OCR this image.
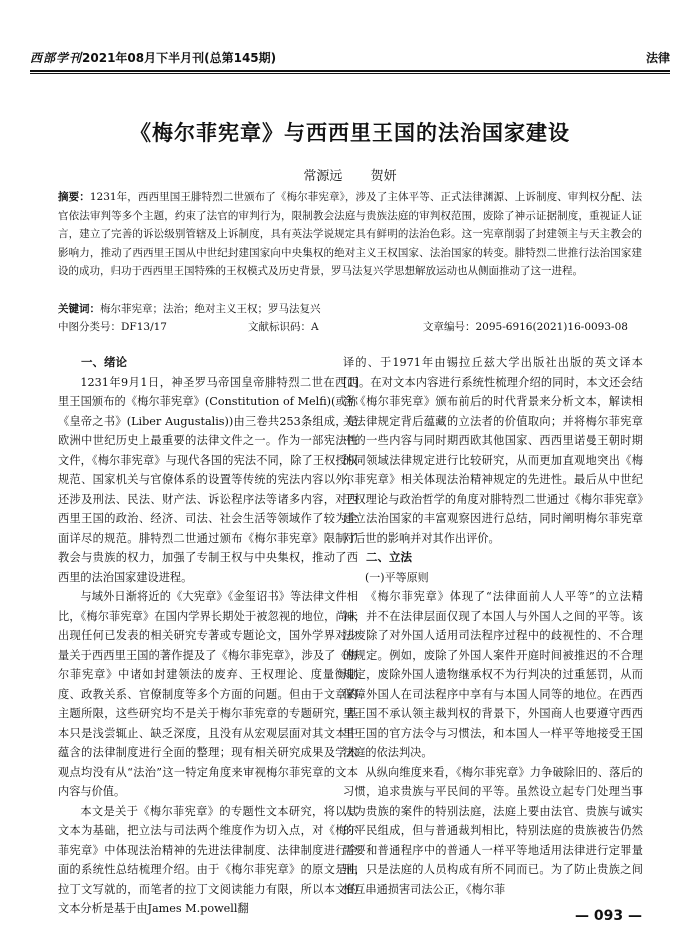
西部学刊2021年08月下半月刊(总第145期)	法律
《梅尔菲宪章》与西西里王国的法治国家建设
常源远 贺妍
摘要：1231年，西西里国王腓特烈二世颁布了《梅尔菲宪章》，涉及了主体平等、正式法律渊源、上诉制度、审判权分配、法官依法审判等多个主题，约束了法官的审判行为，限制教会法庭与贵族法庭的审判权范围，废除了神示证据制度，重视证人证言，建立了完善的诉讼级别管辖及上诉制度，具有英法学说规定具有鲜明的法治色彩。这一宪章削弱了封建领主与天主教会的影响力，推动了西西里王国从中世纪封建国家向中央集权的绝对主义王权国家、法治国家的转变。腓特烈二世推行法治国家建设的成功，归功于西西里王国特殊的王权模式及历史背景，罗马法复兴学思想解放运动也从侧面推动了这一进程。
关键词：梅尔菲宪章；法治；绝对主义王权；罗马法复兴
中图分类号：DF13/17	文献标识码：A	文章编号：2095-6916(2021)16-0093-08

一、绪论

1231年9月1日，神圣罗马帝国皇帝腓特烈二世在西西里王国颁布的《梅尔菲宪章》(Constitution of Melfi)(或称《皇帝之书》(Liber Augustalis))由三卷共253条组成，是欧洲中世纪历史上最重要的法律文件之一。作为一部宪法性文件，《梅尔菲宪章》与现代各国的宪法不同，除了王权授权规范、国家机关与官僚体系的设置等传统的宪法内容以外，还涉及刑法、民法、财产法、诉讼程序法等诸多内容，对西西里王国的政治、经济、司法、社会生活等领域作了较为全面详尽的规范。腓特烈二世通过颁布《梅尔菲宪章》限制了教会与贵族的权力，加强了专制王权与中央集权，推动了西西里的法治国家建设进程。

与域外日渐将近的《大宪章》《金玺诏书》等法律文件相比，《梅尔菲宪章》在国内学界长期处于被忽视的地位，尚未出现任何已发表的相关研究专著或专题论文，国外学界对少量关于西西里王国的著作提及了《梅尔菲宪章》，涉及了《梅尔菲宪章》中诸如封建领法的废弃、王权理论、度量衡制度、政教关系、官僚制度等多个方面的问题。但由于文章的主题所限，这些研究均不是关于梅尔菲宪章的专题研究，基本只是浅尝辄止、缺乏深度，且没有从宏观层面对其文本中蕴含的法律制度进行全面的整理；现有相关研究成果及学术观点均没有从“法治”这一特定角度来审视梅尔菲宪章的文本内容与价值。

本文是关于《梅尔菲宪章》的专题性文本研究，将以其文本为基础，把立法与司法两个维度作为切入点，对《梅尔菲宪章》中体现法治精神的先进法律制度、法律制度进行全面的系统性总结梳理介绍。由于《梅尔菲宪章》的原文是由拉丁文写就的，而笔者的拉丁文阅读能力有限，所以本文的文本分析是基于由James M.powell翻

译的、于1971年由锡拉丘兹大学出版社出版的英文译本[1]。在对文本内容进行系统性梳理介绍的同时，本文还会结合《梅尔菲宪章》颁布前后的时代背景来分析文本，解读相关法律规定背后蕴藏的立法者的价值取向；并将梅尔菲宪章中的一些内容与同时期西欧其他国家、西西里诺曼王朝时期的同领域法律规定进行比较研究，从而更加直观地突出《梅尔菲宪章》相关体现法治精神规定的先进性。最后从中世纪王权理论与政治哲学的角度对腓特烈二世通过《梅尔菲宪章》建立法治国家的丰富观察因进行总结，同时阐明梅尔菲宪章对后世的影响并对其作出评价。

二、立法

(一)平等原则

《梅尔菲宪章》体现了“法律面前人人平等”的立法精神，并不在法律层面仅现了本国人与外国人之间的平等。该法废除了对外国人适用司法程序过程中的歧视性的、不合理的规定。例如，废除了外国人案件开庭时间被推迟的不合理规定，废除外国人遗物继承权不为行判决的过重惩罚，从而保障外国人在司法程序中享有与本国人同等的地位。在西西里王国不承认领主裁判权的背景下，外国商人也要遵守西西里王国的官方法令与习惯法，和本国人一样平等地接受王国法庭的依法判决。

从纵向维度来看，《梅尔菲宪章》力争破除旧的、落后的习惯，追求贵族与平民间的平等。虽然设立起专门处理当事人为贵族的案件的特别法庭，法庭上要由法官、贵族与诚实的平民组成，但与普通裁判相比，特别法庭的贵族被告仍然需要和普通程序中的普通人一样平等地适用法律进行定罪量刑，只是法庭的人员构成有所不同而已。为了防止贵族之间相互串通损害司法公正，《梅尔菲

— 093 —
